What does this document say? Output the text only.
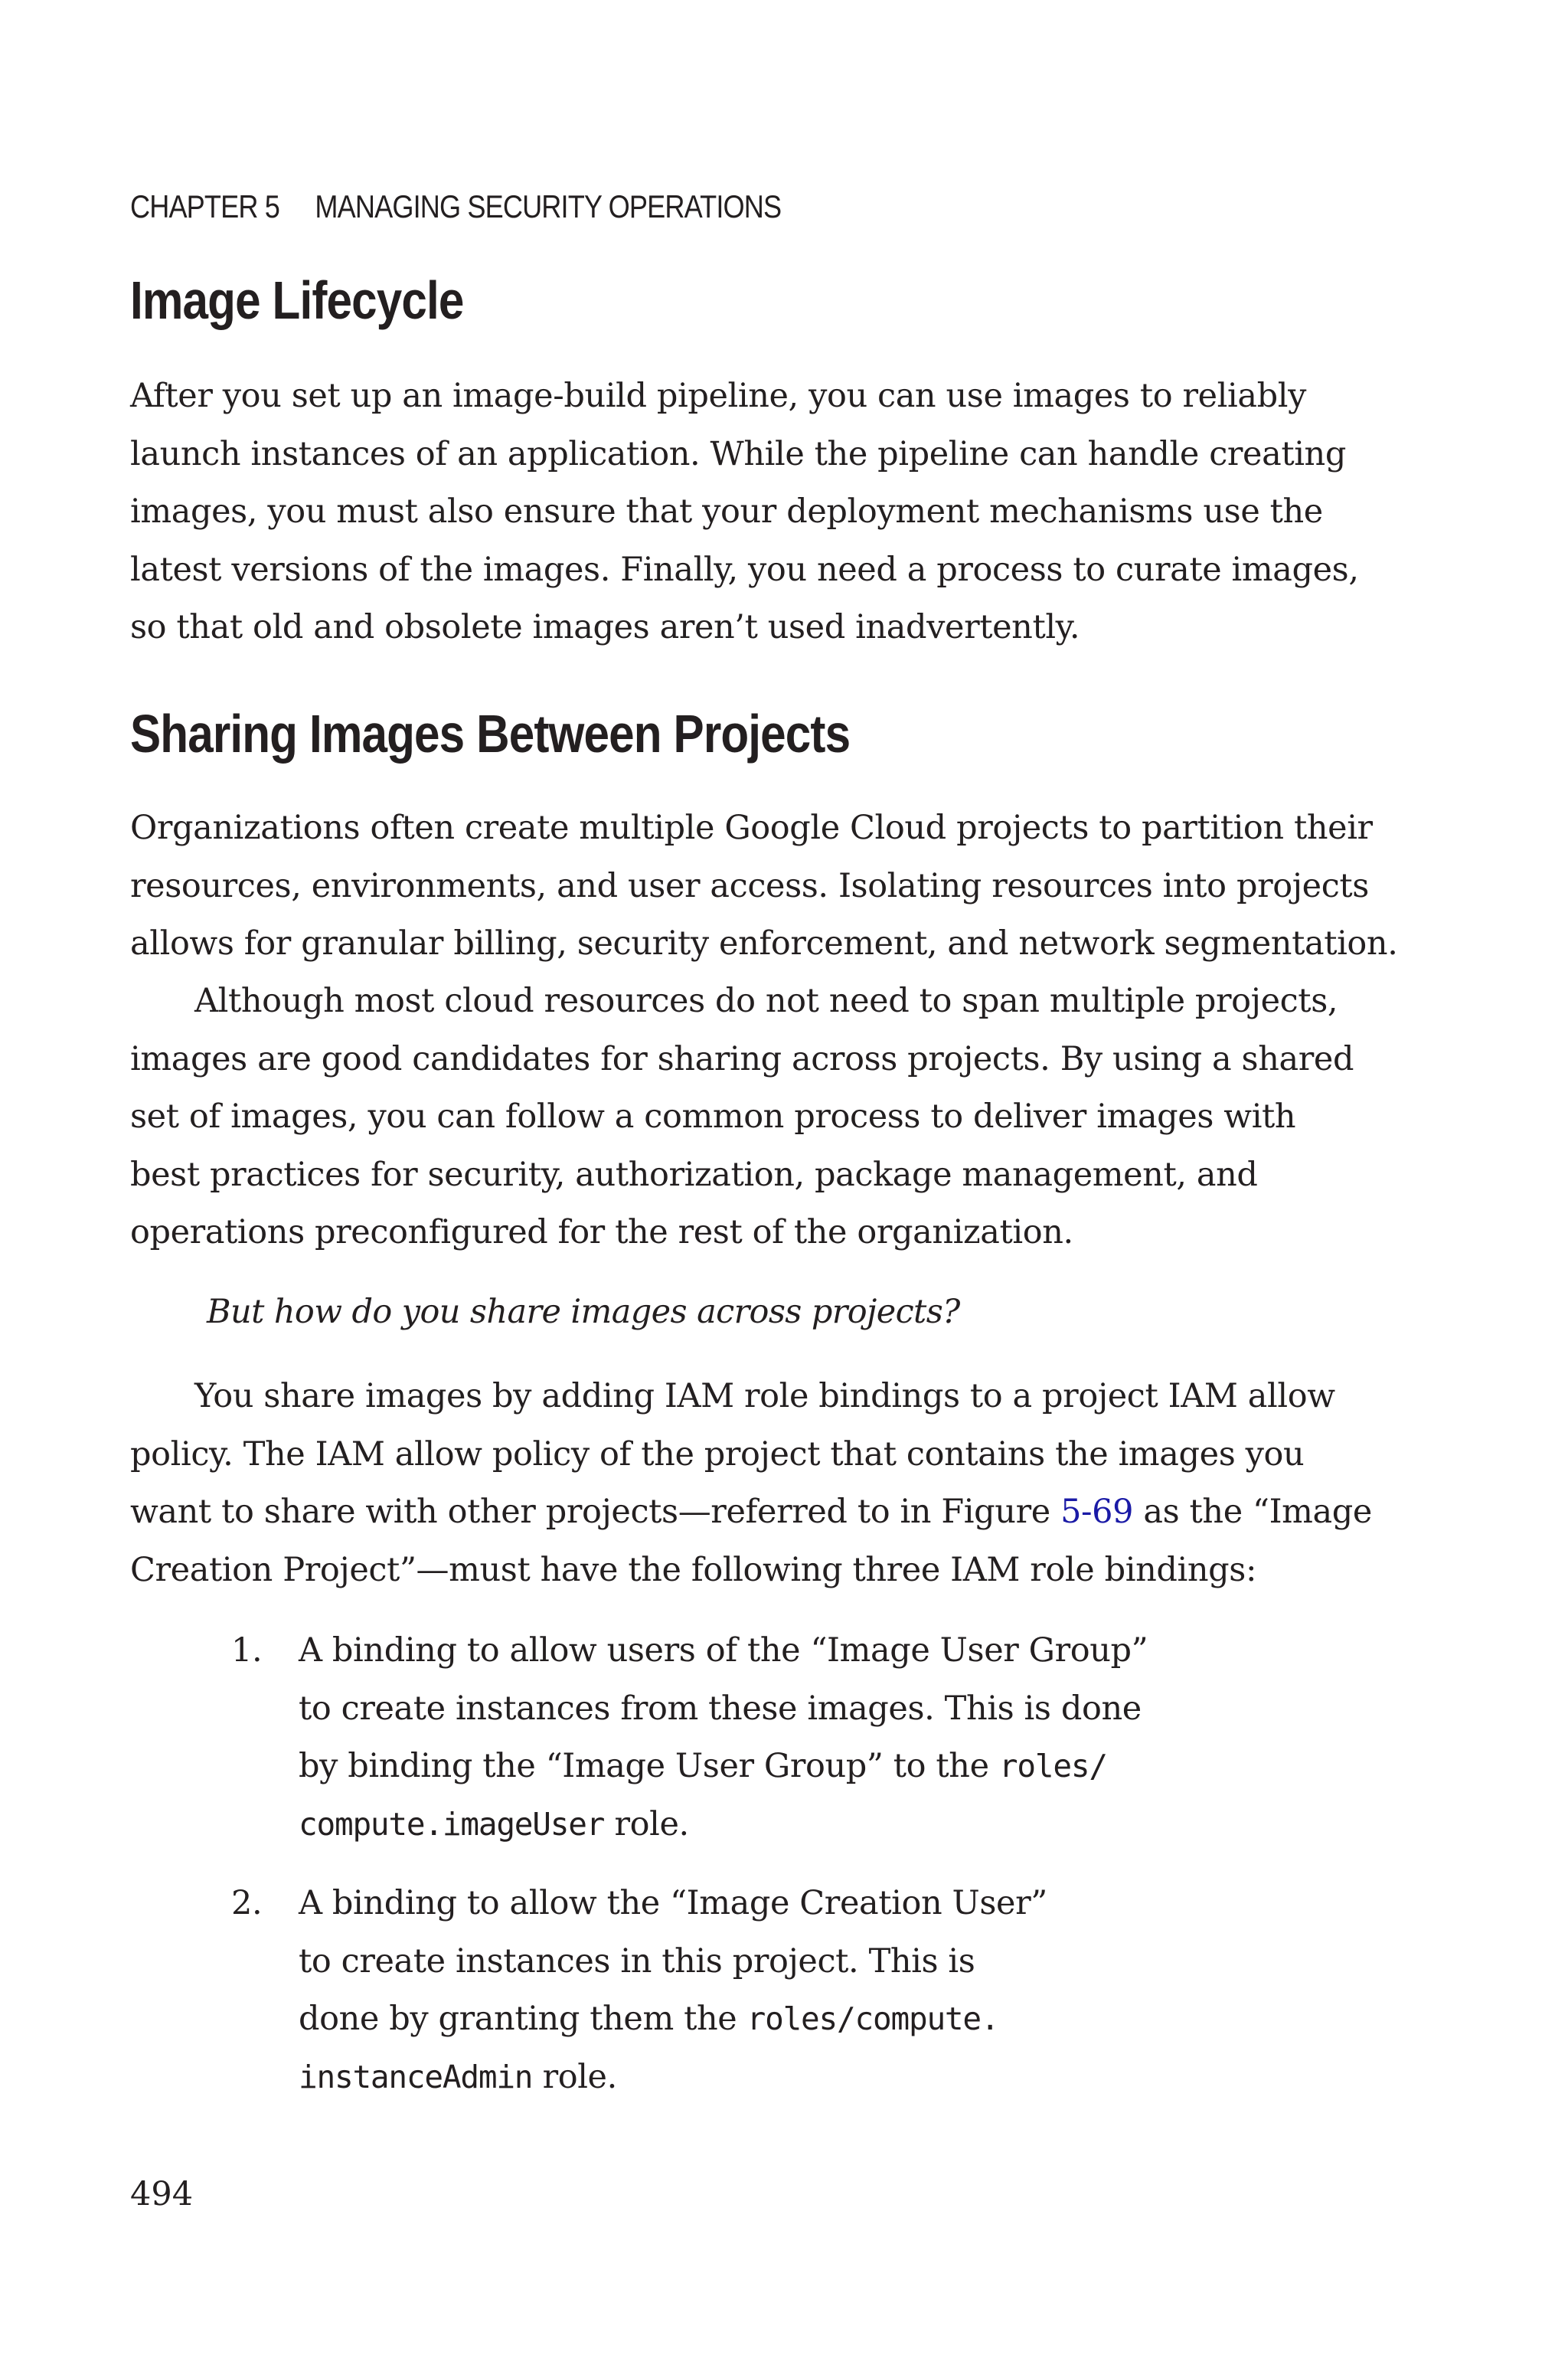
CHAPTER 5 MANAGING SECURITY OPERATIONS
Image Lifecycle

After you set up an image-build pipeline, you can use images to reliably
launch instances of an application. While the pipeline can handle creating
images, you must also ensure that your deployment mechanisms use the
latest versions of the images. Finally, you need a process to curate images,
so that old and obsolete images aren’t used inadvertently.

Sharing Images Between Projects

Organizations often create multiple Google Cloud projects to partition their
resources, environments, and user access. Isolating resources into projects
allows for granular billing, security enforcement, and network segmentation.

Although most cloud resources do not need to span multiple projects,
images are good candidates for sharing across projects. By using a shared
set of images, you can follow a common process to deliver images with
best practices for security, authorization, package management, and
operations preconfigured for the rest of the organization.

But how do you share images across projects?

You share images by adding IAM role bindings to a project IAM allow
policy. The IAM allow policy of the project that contains the images you
want to share with other projects—referred to in Figure 5-69 as the “Image
Creation Project”—must have the following three IAM role bindings:

1. A binding to allow users of the “Image User Group”
to create instances from these images. This is done
by binding the “Image User Group” to the roles/
compute.imageUser role.
2. A binding to allow the “Image Creation User”
to create instances in this project. This is
done by granting them the roles/compute.
instanceAdmin role.

494
